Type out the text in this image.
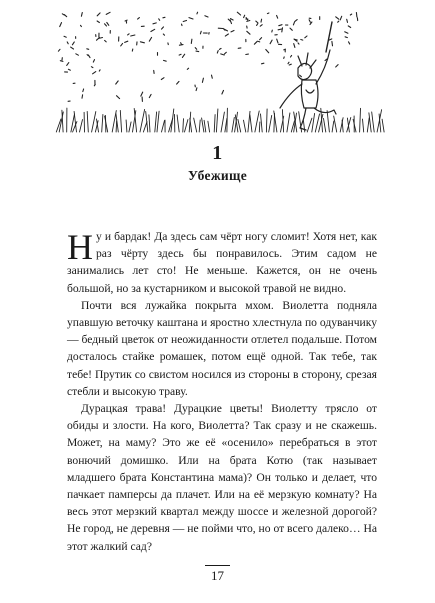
1
Убежище

Ну и бардак! Да здесь сам чёрт ногу сломит! Хотя нет, как раз чёрту здесь бы понравилось. Этим садом не занимались лет сто! Не меньше. Кажется, он не очень большой, но за кустарником и высокой травой не видно.

Почти вся лужайка покрыта мхом. Виолетта подняла упавшую веточку каштана и яростно хлестнула по одуванчику — бедный цветок от неожиданности отлетел подальше. Потом досталось стайке ромашек, потом ещё одной. Так тебе, так тебе! Прутик со свистом носился из стороны в сторону, срезая стебли и высокую траву.

Дурацкая трава! Дурацкие цветы! Виолетту трясло от обиды и злости. На кого, Виолетта? Так сразу и не скажешь. Может, на маму? Это же её «осенило» перебраться в этот вонючий домишко. Или на брата Котю (так называет младшего брата Константина мама)? Он только и делает, что пачкает памперсы да плачет. Или на её мерзкую комнату? На весь этот мерзкий квартал между шоссе и железной дорогой? Не город, не деревня — не пойми что, но от всего далеко… На этот жалкий сад?

17
